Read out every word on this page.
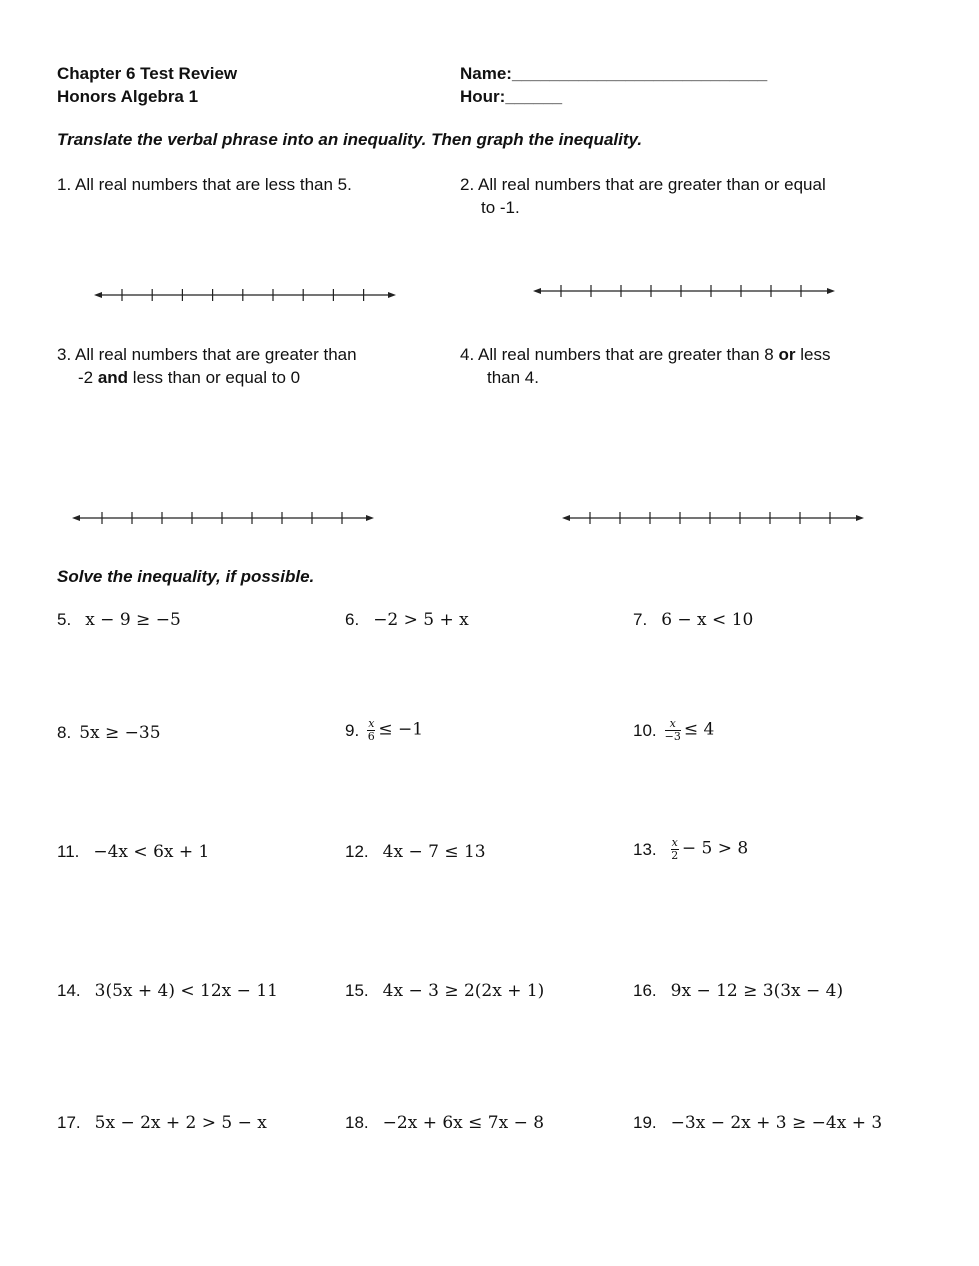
Chapter 6 Test Review
Honors Algebra 1
Name:___________________________
Hour:______
Translate the verbal phrase into an inequality. Then graph the inequality.
1. All real numbers that are less than 5.	2. All real numbers that are greater than or equal
to -1.
3. All real numbers that are greater than
-2 and less than or equal to 0
4. All real numbers that are greater than 8 or less
than 4.
Solve the inequality, if possible.
5. x − 9 ≥ −5	6. −2 > 5 + x	7. 6 − x < 10
8. 5x ≥ −35	9. $\frac{x}{6} \le -1$	10. $\frac{x}{-3} \le 4$
11. −4x < 6x + 1	12. 4x − 7 ≤ 13	13. $\frac{x}{2} - 5 > 8$
14. 3(5x + 4) < 12x − 11	15. 4x − 3 ≥ 2(2x + 1)	16. 9x − 12 ≥ 3(3x − 4)
17. 5x − 2x + 2 > 5 − x	18. −2x + 6x ≤ 7x − 8	19. −3x − 2x + 3 ≥ −4x + 3
